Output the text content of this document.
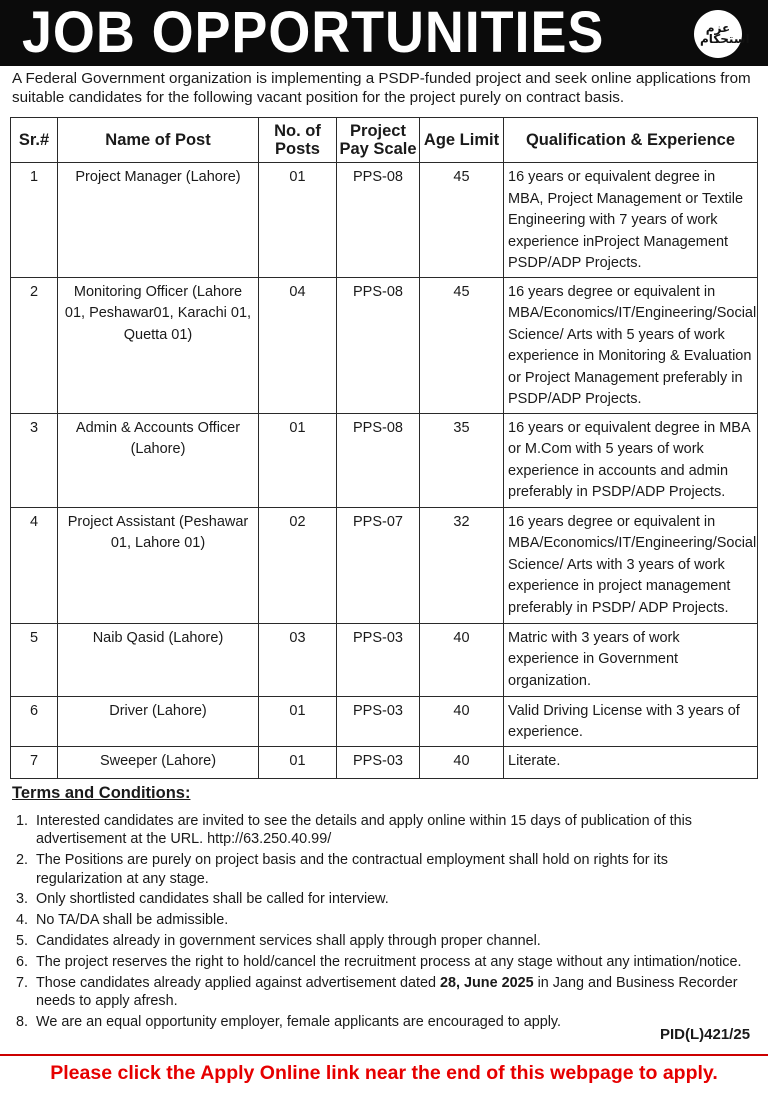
JOB OPPORTUNITIES	عزم استحکام
A Federal Government organization is implementing a PSDP-funded project and seek online applications from suitable candidates for the following vacant position for the project purely on contract basis.
Sr.#	Name of Post	No. of Posts	Project Pay Scale	Age Limit	Qualification & Experience
1	Project Manager (Lahore)	01	PPS-08	45	16 years or equivalent degree in MBA, Project Management or Textile Engineering with 7 years of work experience inProject Management PSDP/ADP Projects.
2	Monitoring Officer (Lahore 01, Peshawar01, Karachi 01, Quetta 01)	04	PPS-08	45	16 years degree or equivalent in MBA/Economics/IT/Engineering/Social Science/ Arts with 5 years of work experience in Monitoring & Evaluation or Project Management preferably in PSDP/ADP Projects.
3	Admin & Accounts Officer (Lahore)	01	PPS-08	35	16 years or equivalent degree in MBA or M.Com with 5 years of work experience in accounts and admin preferably in PSDP/ADP Projects.
4	Project Assistant (Peshawar 01, Lahore 01)	02	PPS-07	32	16 years degree or equivalent in MBA/Economics/IT/Engineering/Social Science/ Arts with 3 years of work experience in project management preferably in PSDP/ ADP Projects.
5	Naib Qasid (Lahore)	03	PPS-03	40	Matric with 3 years of work experience in Government organization.
6	Driver (Lahore)	01	PPS-03	40	Valid Driving License with 3 years of experience.
7	Sweeper (Lahore)	01	PPS-03	40	Literate.
Terms and Conditions:
1. Interested candidates are invited to see the details and apply online within 15 days of publication of this advertisement at the URL. http://63.250.40.99/
2. The Positions are purely on project basis and the contractual employment shall hold on rights for its regularization at any stage.
3. Only shortlisted candidates shall be called for interview.
4. No TA/DA shall be admissible.
5. Candidates already in government services shall apply through proper channel.
6. The project reserves the right to hold/cancel the recruitment process at any stage without any intimation/notice.
7. Those candidates already applied against advertisement dated 28, June 2025 in Jang and Business Recorder needs to apply afresh.
8. We are an equal opportunity employer, female applicants are encouraged to apply.
PID(L)421/25
Please click the Apply Online link near the end of this webpage to apply.
